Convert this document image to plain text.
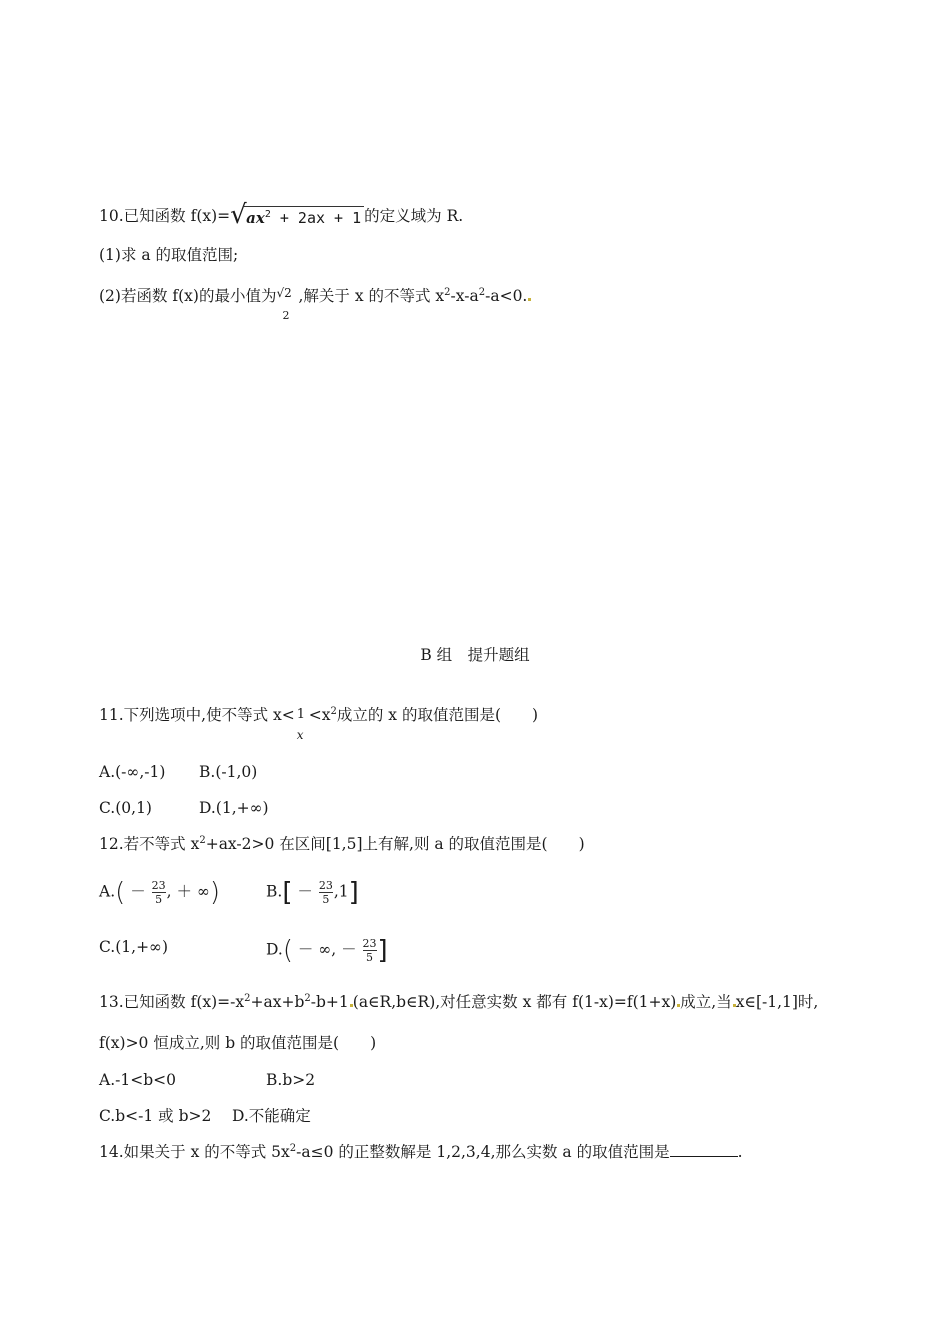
10.已知函数 f(x)= √ $ax^2 + 2ax + 1$ 的定义域为 R.
(1)求 a 的取值范围;
(2)若函数 f(x)的最小值为 √2
2
,解关于 x 的不等式 $x^2-x-a^2-a<0$.
B 组　提升题组
11.下列选项中,使不等式 x< 1
x
$<x^2$成立的 x 的取值范围是(　　)
A.(-∞,-1) B.(-1,0)
C.(0,1)	D.(1,+∞)
12.若不等式 $x^2+ax-2>0$ 在区间[1,5]上有解,则 a 的取值范围是(　　)
$A.( - \frac{23}{5}$ , ＋ ∞)	$B.[ - \frac{23}{5} ,1]$
C.(1,+∞)	D.( － ∞, － $\frac{23}{5}$ ]
13.已知函数 $f(x)=-x^2+ax+b^2-b+1$ (a∈R,b∈R),对任意实数 x 都有 f(1-x)=f(1+x) 成立,当 x∈[-1,1]时,
f(x)>0 恒成立,则 b 的取值范围是(　　)
A.-1<b<0	B.b>2
C.b<-1 或 b>2 D.不能确定
14.如果关于 x 的不等式 $5x^2-a\le 0$ 的正整数解是 1,2,3,4,那么实数 a 的取值范围是	.
